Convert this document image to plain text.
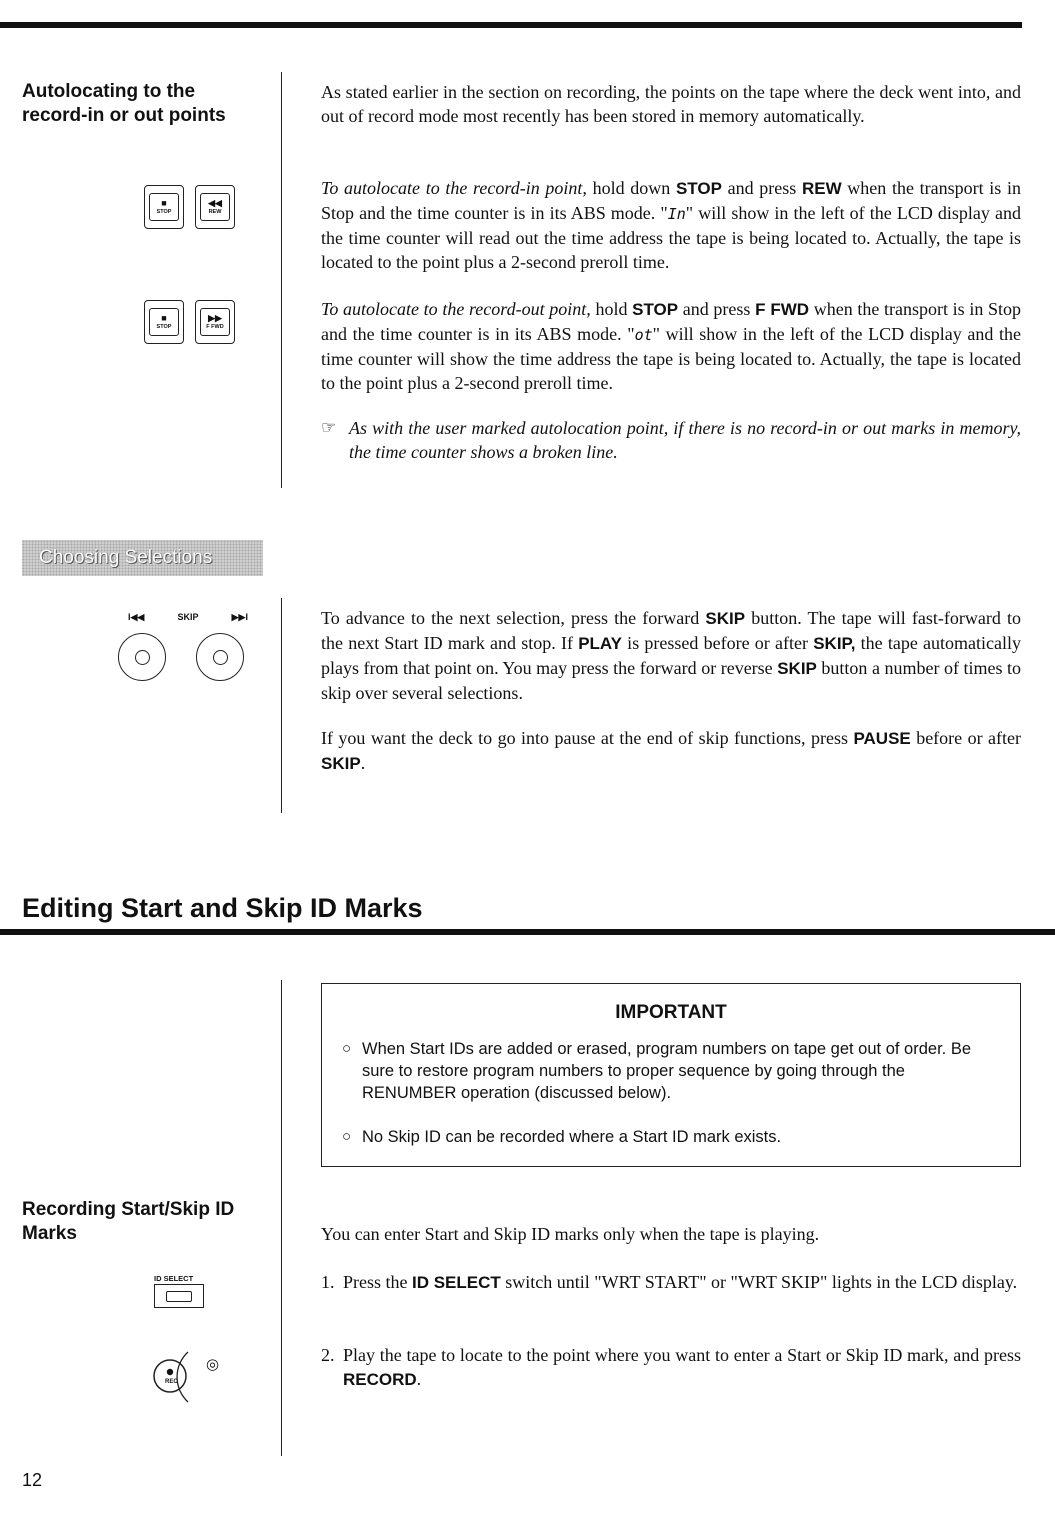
Autolocating to the
record-in or out points
■
STOP
◀◀
REW
■
STOP
▶▶
F FWD

As stated earlier in the section on recording, the points on the tape where the deck went into, and out of record mode most recently has been stored in memory automatically.

To autolocate to the record-in point, hold down STOP and press REW when the transport is in Stop and the time counter is in its ABS mode. "In" will show in the left of the LCD display and the time counter will read out the time address the tape is being located to. Actually, the tape is located to the point plus a 2-second preroll time.

To autolocate to the record-out point, hold STOP and press F FWD when the transport is in Stop and the time counter is in its ABS mode. "ot" will show in the left of the LCD display and the time counter will show the time address the tape is being located to. Actually, the tape is located to the point plus a 2-second preroll time.

☞ As with the user marked autolocation point, if there is no record-in or out marks in memory, the time counter shows a broken line.

Choosing Selections
I◀◀	SKIP	▶▶I	To advance to the next selection, press the forward SKIP button. The tape will fast-forward to the next Start ID mark and stop. If PLAY is pressed before or after SKIP, the tape automatically plays from that point on. You may press the forward or reverse SKIP button a number of times to skip over several selections.

If you want the deck to go into pause at the end of skip functions, press PAUSE before or after SKIP.

Editing Start and Skip ID Marks
IMPORTANT
○ When Start IDs are added or erased, program numbers on tape get out of order. Be sure to restore program numbers to proper sequence by going through the RENUMBER operation (discussed below).
○ No Skip ID can be recorded where a Start ID mark exists.
Recording Start/Skip ID
Marks
ID SELECT
REC
◎

You can enter Start and Skip ID marks only when the tape is playing.

1. Press the ID SELECT switch until "WRT START" or "WRT SKIP" lights in the LCD display.
2. Play the tape to locate to the point where you want to enter a Start or Skip ID mark, and press RECORD.
12
